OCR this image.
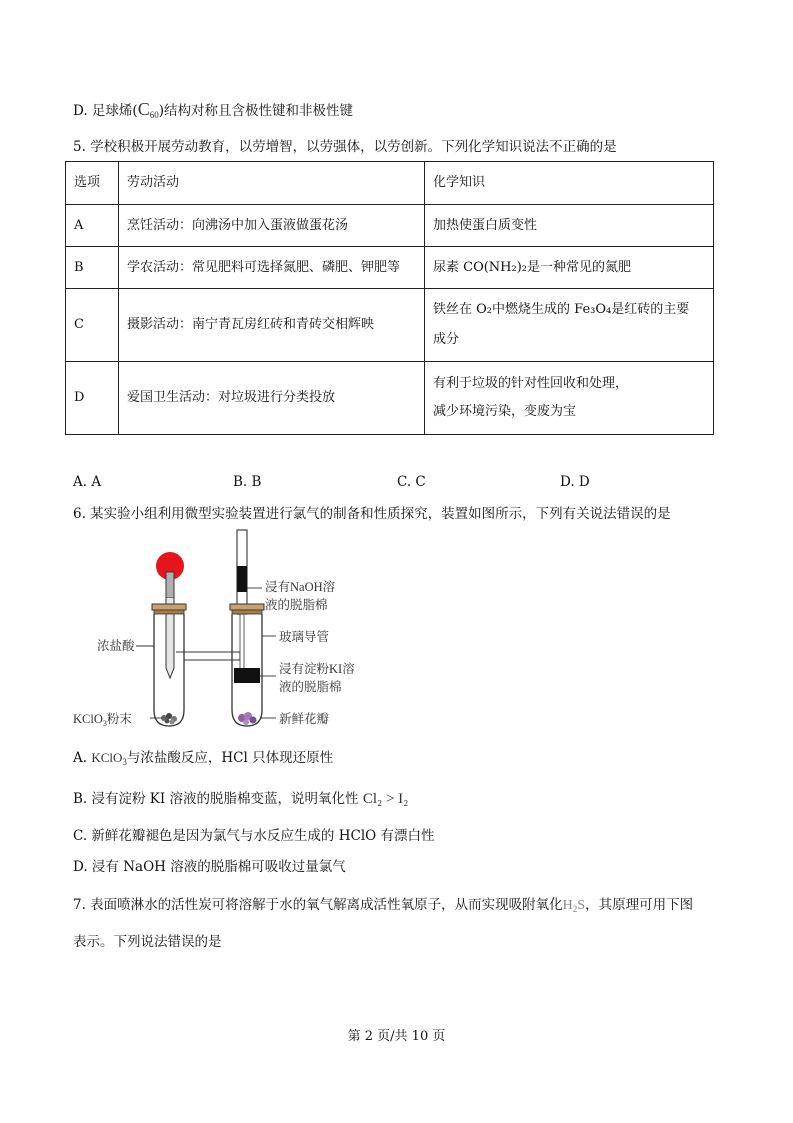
D. 足球烯$(C_{60})$结构对称且含极性键和非极性键
5. 学校积极开展劳动教育，以劳增智，以劳强体，以劳创新。下列化学知识说法不正确的是
选项	劳动活动	化学知识
A	烹饪活动：向沸汤中加入蛋液做蛋花汤	加热使蛋白质变性
B	学农活动：常见肥料可选择氮肥、磷肥、钾肥等	尿素 CO(NH₂)₂是一种常见的氮肥
C	摄影活动：南宁青瓦房红砖和青砖交相辉映	铁丝在 O₂中燃烧生成的 Fe₃O₄是红砖的主要
成分

D	爱国卫生活动：对垃圾进行分类投放	有利于垃圾的针对性回收和处理，
减少环境污染，变废为宝
A. A	B. B	C. C	D. D
6. 某实验小组利用微型实验装置进行氯气的制备和性质探究，装置如图所示，下列有关说法错误的是
浸有NaOH溶
液的脱脂棉
玻璃导管
浸有淀粉KI溶
液的脱脂棉
浓盐酸
KClO$_3$粉末	新鲜花瓣
A. KClO$_3$与浓盐酸反应，HCl 只体现还原性
B. 浸有淀粉 KI 溶液的脱脂棉变蓝，说明氧化性 Cl₂ > I₂
C. 新鲜花瓣褪色是因为氯气与水反应生成的 HClO 有漂白性
D. 浸有 NaOH 溶液的脱脂棉可吸收过量氯气
7. 表面喷淋水的活性炭可将溶解于水的氧气解离成活性氧原子，从而实现吸附氧化$H_2S$，其原理可用下图
表示。下列说法错误的是
第 2 页/共 10 页
